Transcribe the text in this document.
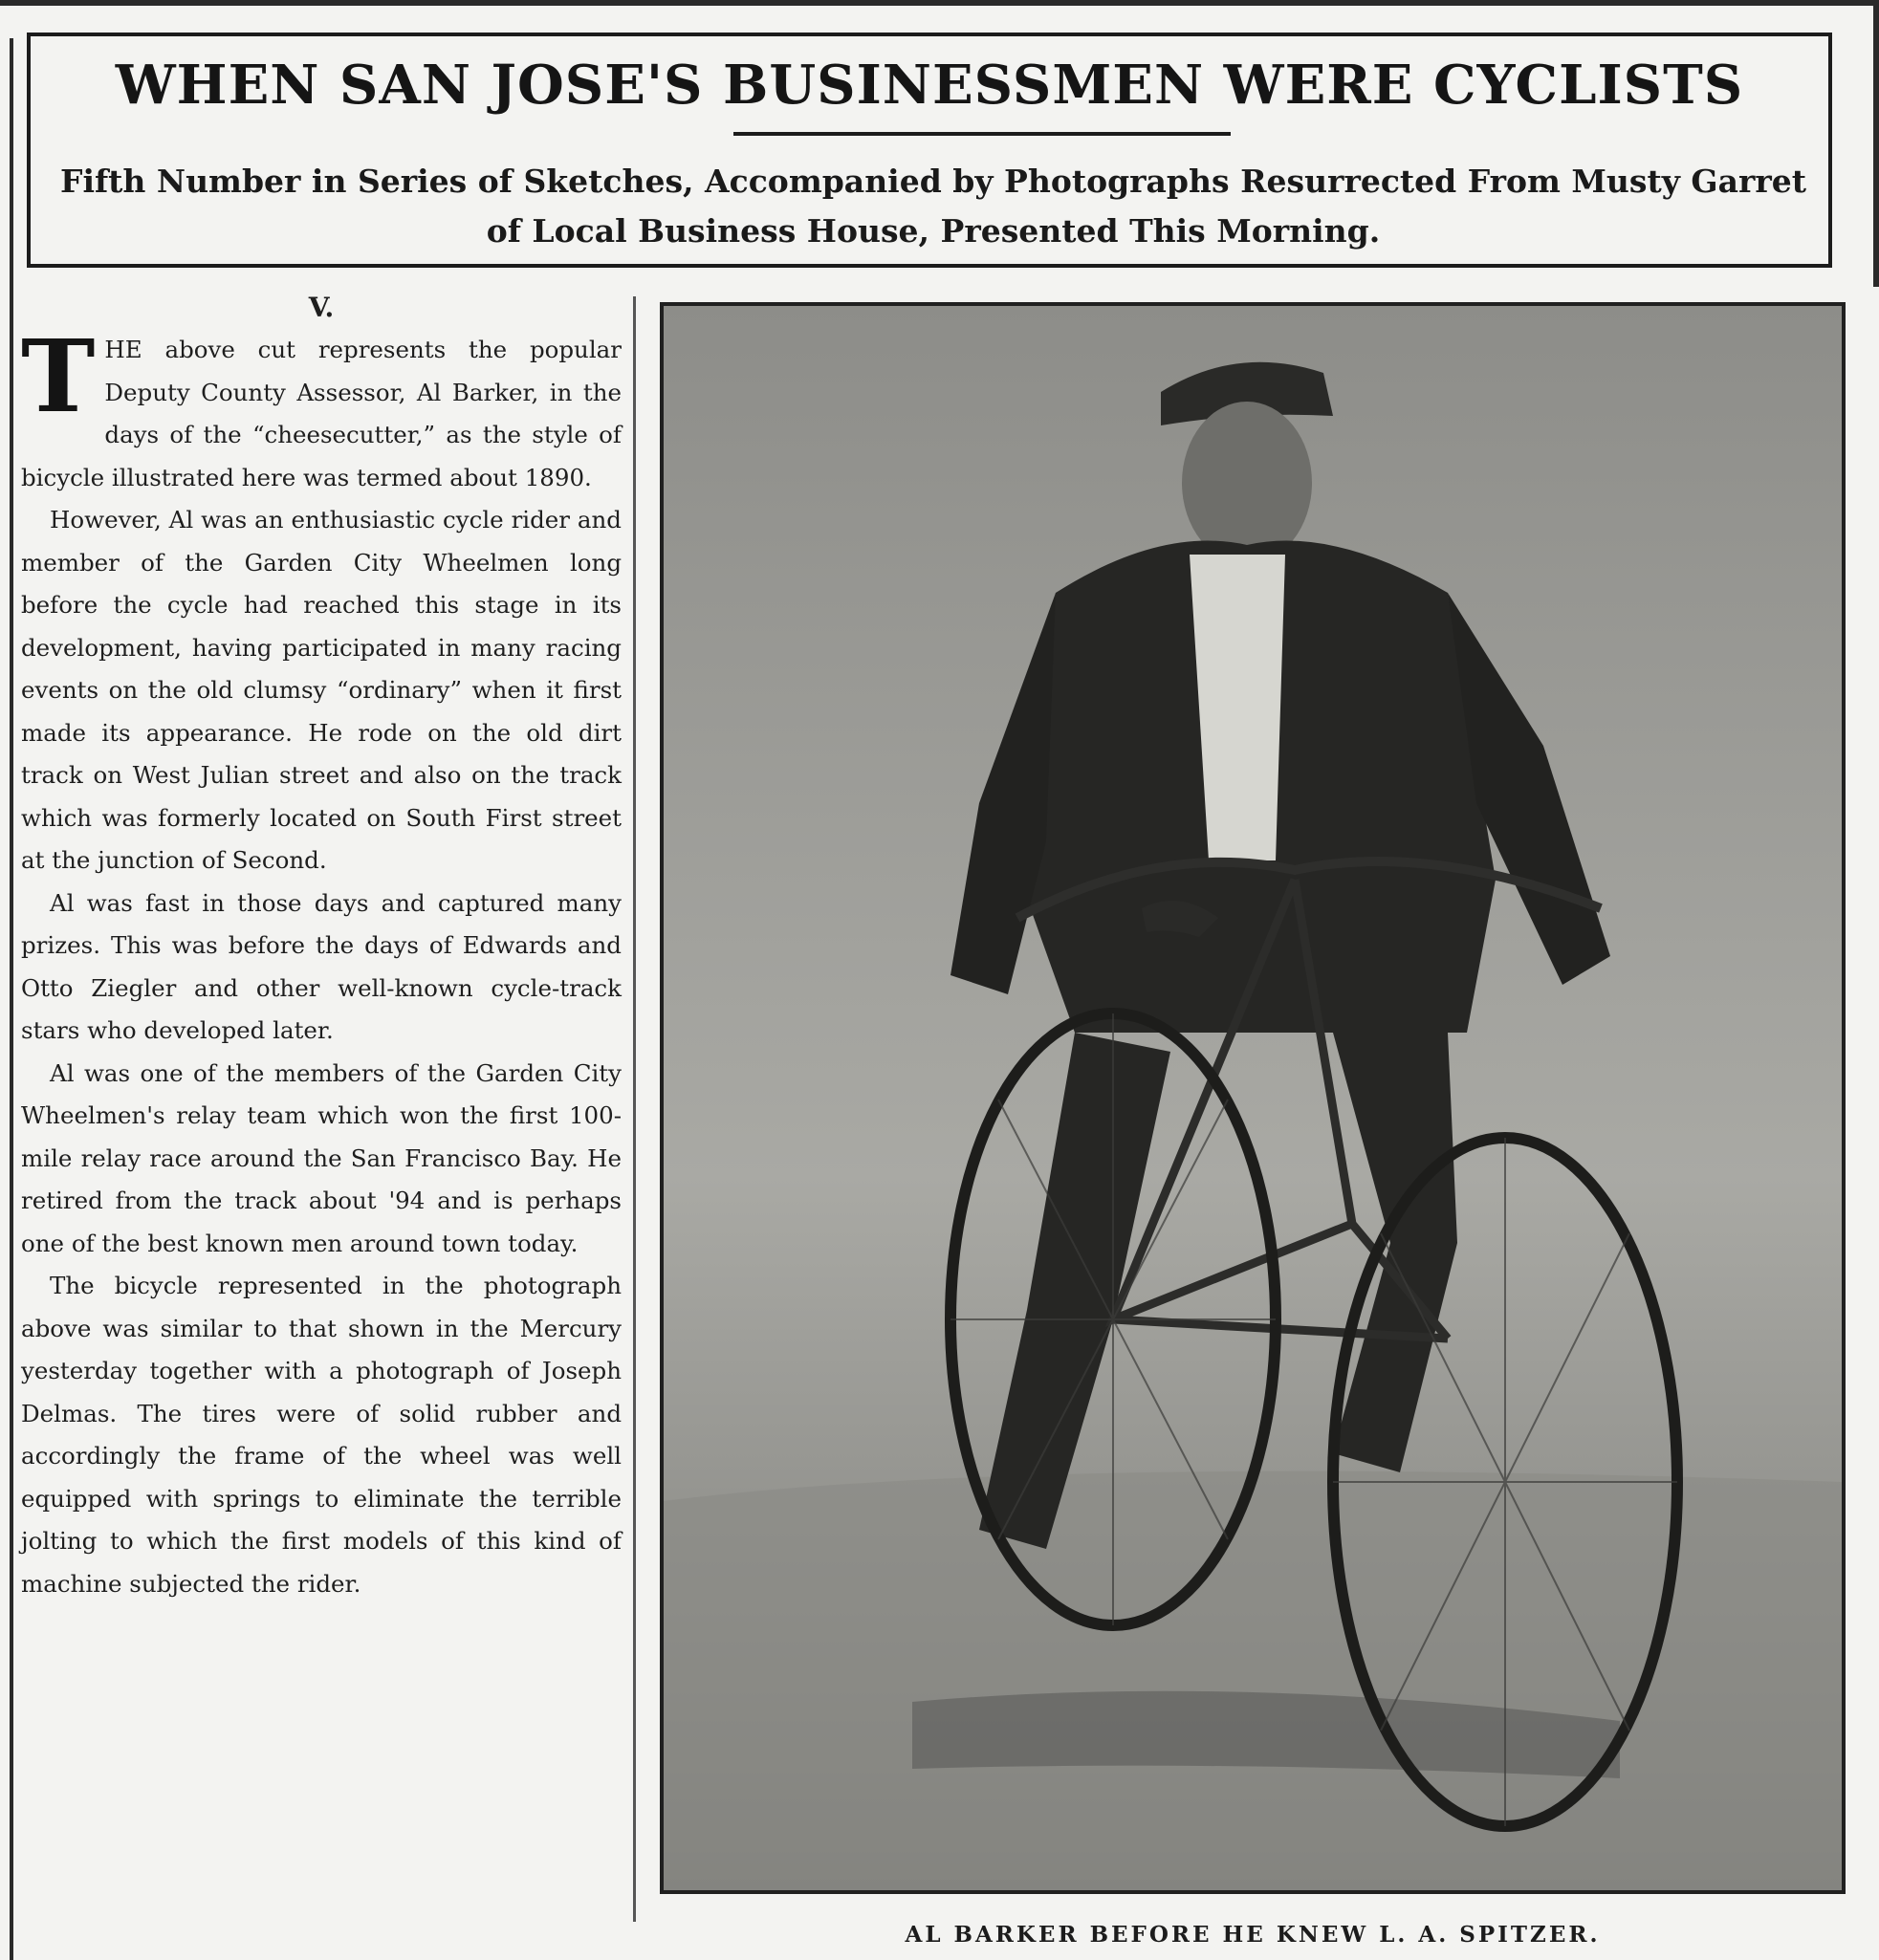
WHEN SAN JOSE'S BUSINESSMEN WERE CYCLISTS
Fifth Number in Series of Sketches, Accompanied by Photographs Resurrected From Musty Garret of Local Business House, Presented This Morning.
V.

THE above cut represents the popular Deputy County Assessor, Al Barker, in the days of the “cheesecutter,” as the style of bicycle illustrated here was termed about 1890.

However, Al was an enthusiastic cycle rider and member of the Garden City Wheelmen long before the cycle had reached this stage in its development, having participated in many racing events on the old clumsy “ordinary” when it first made its appearance. He rode on the old dirt track on West Julian street and also on the track which was formerly located on South First street at the junction of Second.

Al was fast in those days and captured many prizes. This was before the days of Edwards and Otto Ziegler and other well-known cycle-track stars who developed later.

Al was one of the members of the Garden City Wheelmen's relay team which won the first 100-mile relay race around the San Francisco Bay. He retired from the track about '94 and is perhaps one of the best known men around town today.

The bicycle represented in the photograph above was similar to that shown in the Mercury yesterday together with a photograph of Joseph Delmas. The tires were of solid rubber and accordingly the frame of the wheel was well equipped with springs to eliminate the terrible jolting to which the first models of this kind of machine subjected the rider.

AL BARKER BEFORE HE KNEW L. A. SPITZER.
